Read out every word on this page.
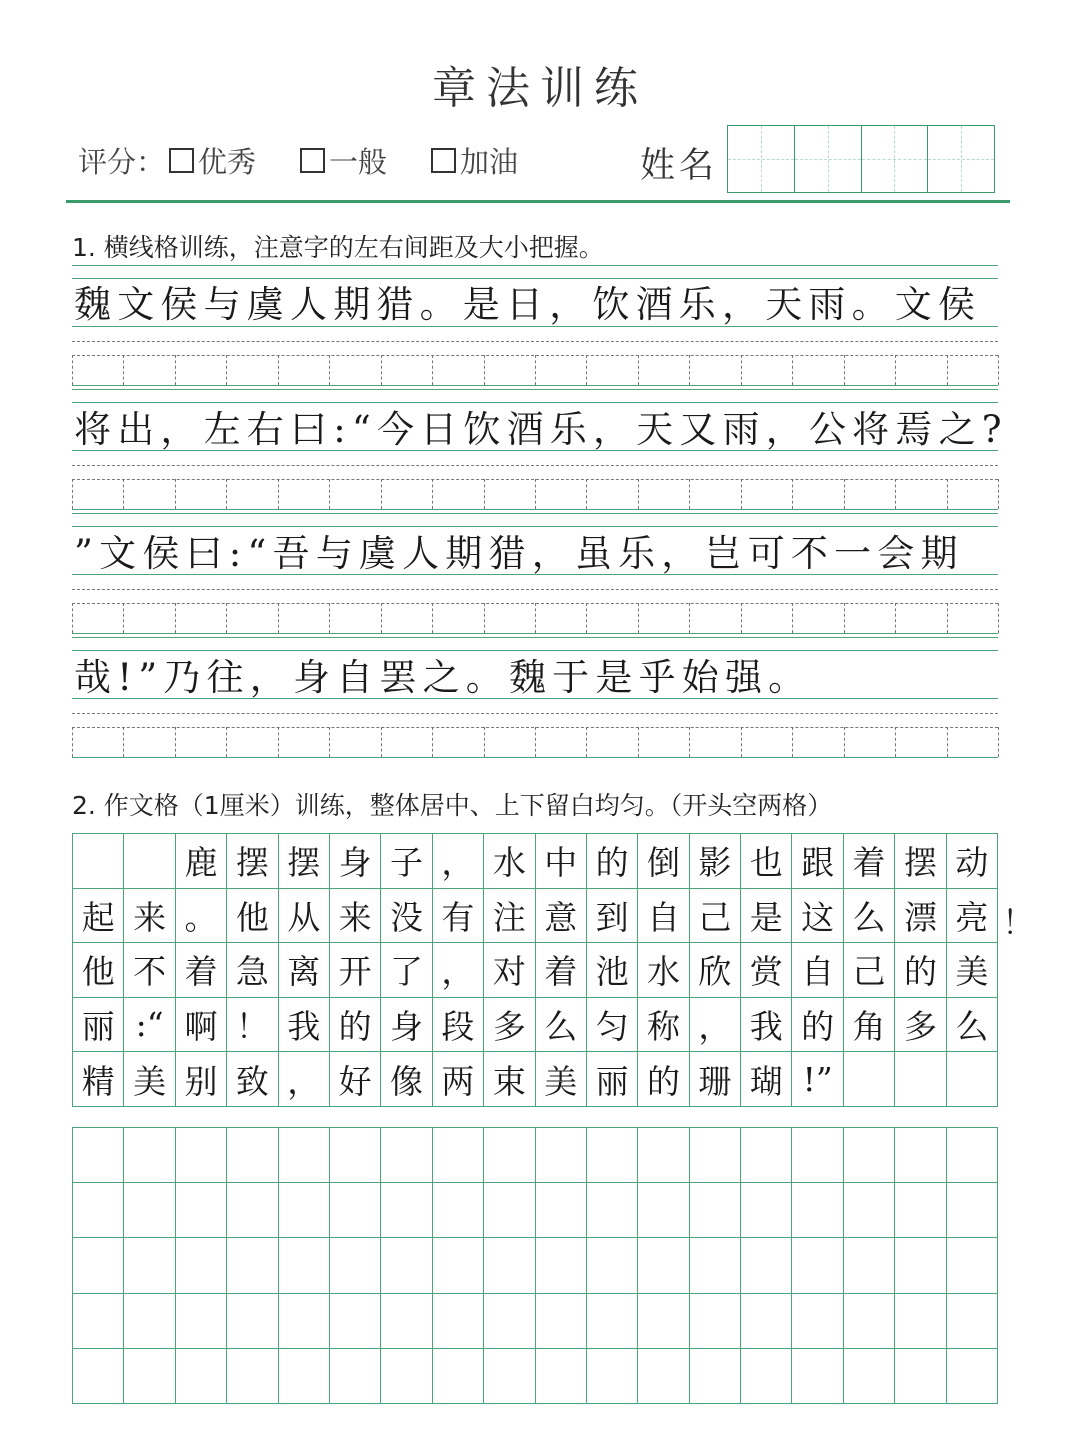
章法训练
评分： 优秀	一般	加油	姓名
1. 横线格训练，注意字的左右间距及大小把握。
魏文侯与虞人期猎。是日，饮酒乐，天雨。文侯
将出，左右曰:“今日饮酒乐，天又雨，公将焉之?
”文侯曰:“吾与虞人期猎，虽乐，岂可不一会期
哉!”乃往，身自罢之。魏于是乎始强。
2. 作文格（1厘米）训练，整体居中、上下留白均匀。（开头空两格）
		鹿	摆	摆	身	子	，	水	中	的	倒	影	也	跟	着	摆	动
起	来	。	他	从	来	没	有	注	意	到	自	己	是	这	么	漂	亮
他	不	着	急	离	开	了	，	对	着	池	水	欣	赏	自	己	的	美
丽	:“	啊	！	我	的	身	段	多	么	匀	称	，	我	的	角	多	么
精	美	别	致	，	好	像	两	束	美	丽	的	珊	瑚	!”			
！
